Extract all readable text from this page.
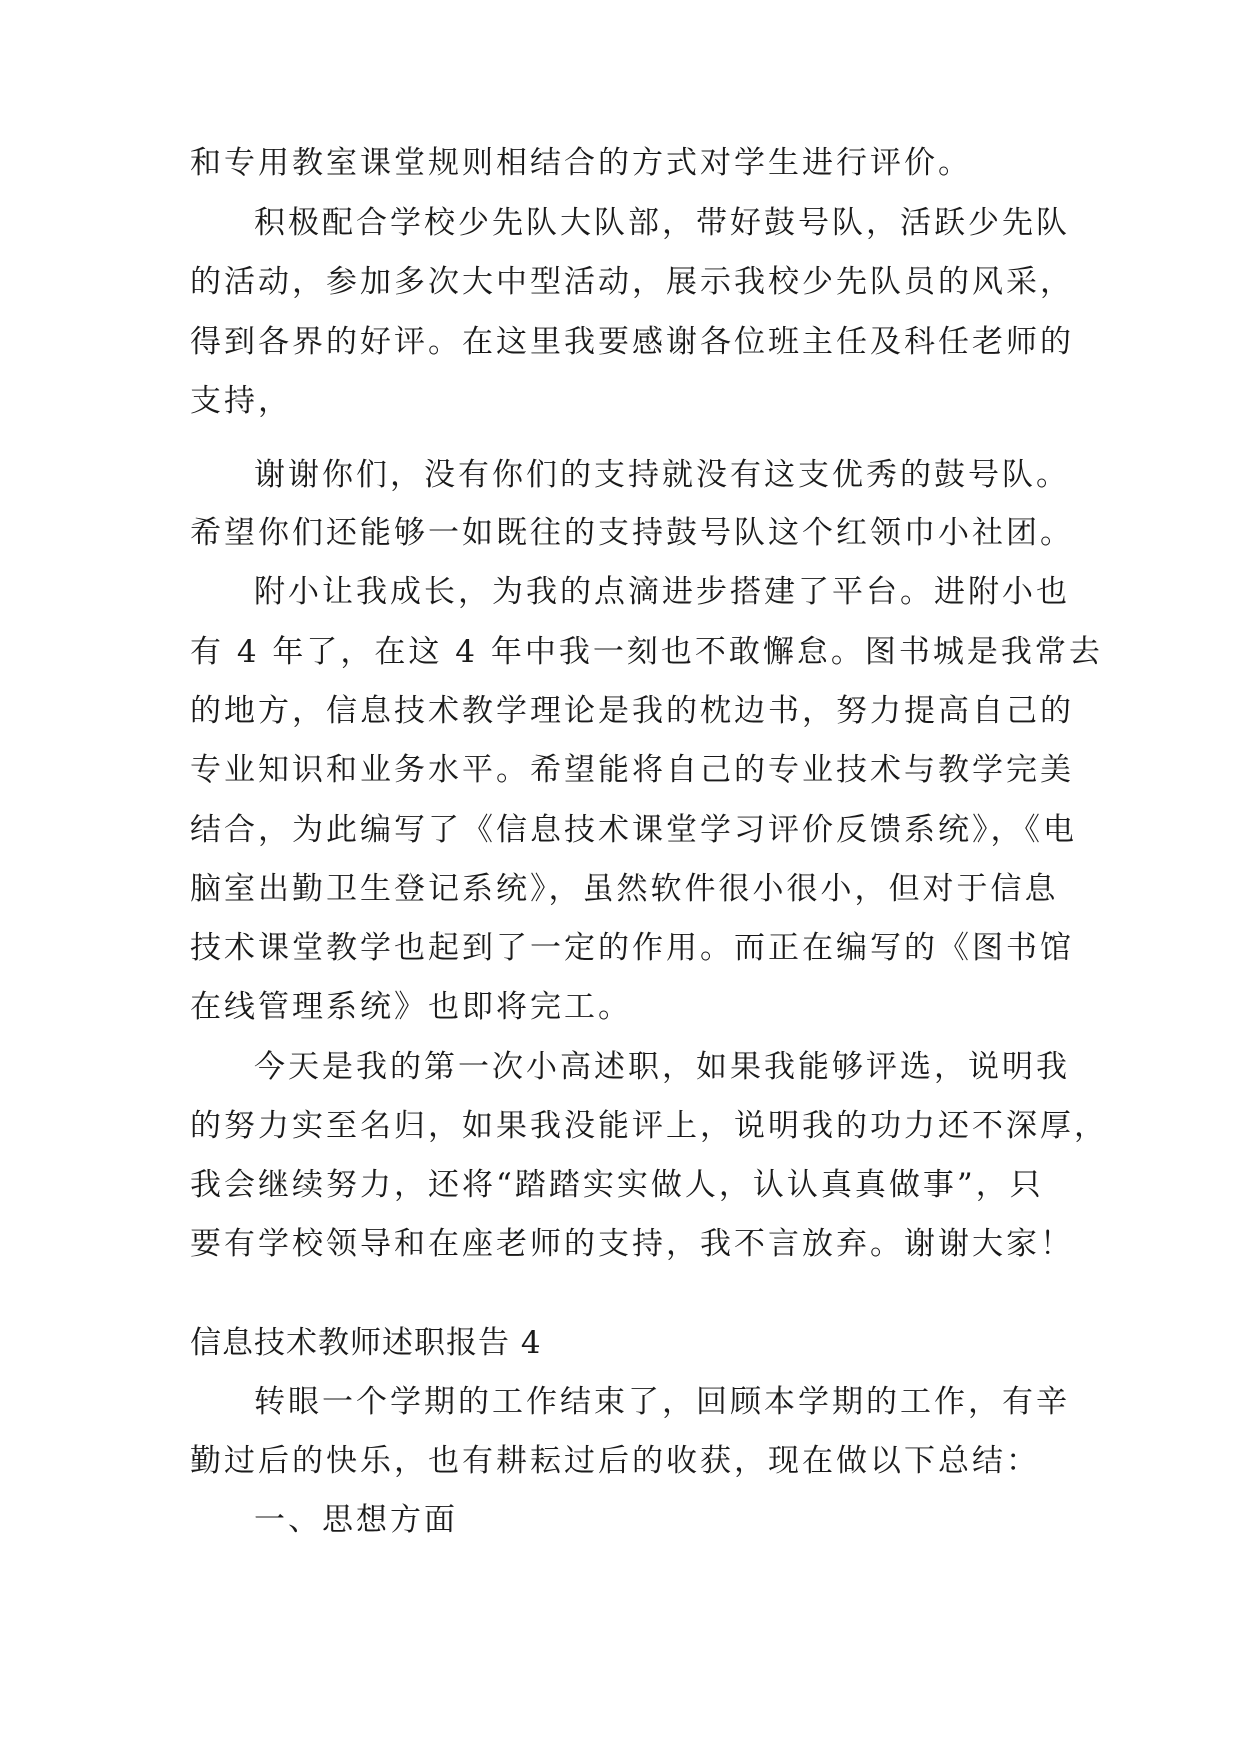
和专用教室课堂规则相结合的方式对学生进行评价。
积极配合学校少先队大队部，带好鼓号队，活跃少先队
的活动，参加多次大中型活动，展示我校少先队员的风采，
得到各界的好评。在这里我要感谢各位班主任及科任老师的
支持，
谢谢你们，没有你们的支持就没有这支优秀的鼓号队。
希望你们还能够一如既往的支持鼓号队这个红领巾小社团。
附小让我成长，为我的点滴进步搭建了平台。进附小也
有 4 年了，在这 4 年中我一刻也不敢懈怠。图书城是我常去
的地方，信息技术教学理论是我的枕边书，努力提高自己的
专业知识和业务水平。希望能将自己的专业技术与教学完美
结合，为此编写了《信息技术课堂学习评价反馈系统》，《电
脑室出勤卫生登记系统》，虽然软件很小很小，但对于信息
技术课堂教学也起到了一定的作用。而正在编写的《图书馆
在线管理系统》也即将完工。
今天是我的第一次小高述职，如果我能够评选，说明我
的努力实至名归，如果我没能评上，说明我的功力还不深厚，
我会继续努力，还将“踏踏实实做人，认认真真做事”，只
要有学校领导和在座老师的支持，我不言放弃。谢谢大家！
信息技术教师述职报告 4
转眼一个学期的工作结束了，回顾本学期的工作，有辛
勤过后的快乐，也有耕耘过后的收获，现在做以下总结：
一、思想方面
